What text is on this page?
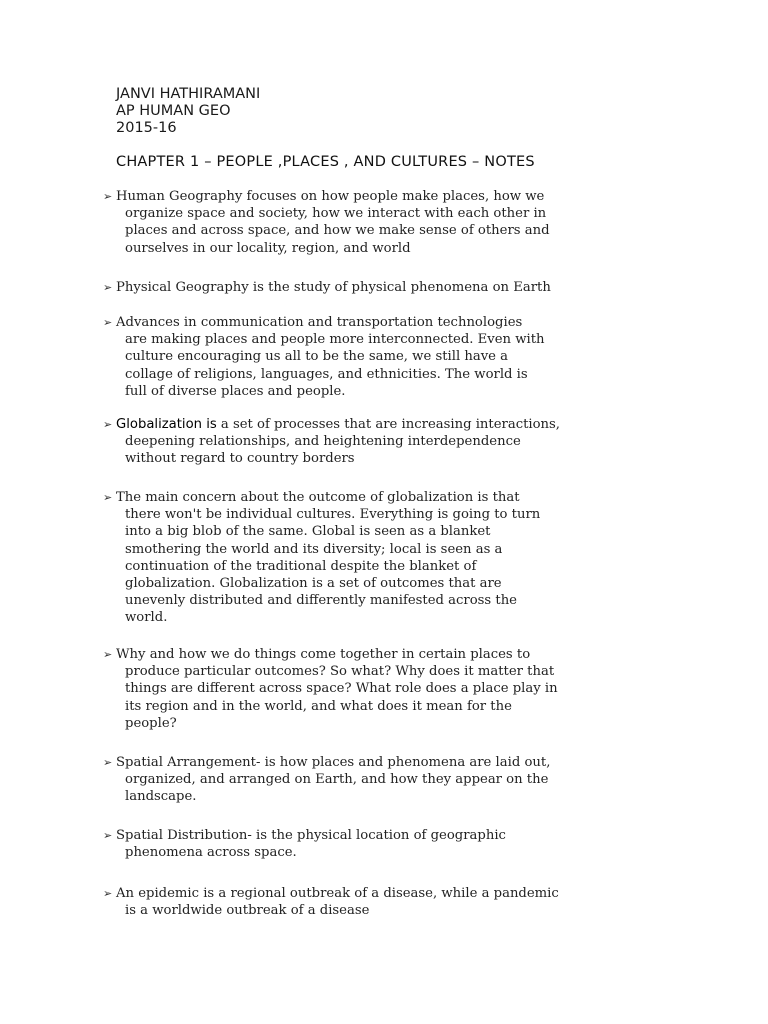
JANVI HATHIRAMANI
AP HUMAN GEO
2015-16
CHAPTER 1 – PEOPLE ,PLACES , AND CULTURES – NOTES
➢ Human Geography focuses on how people make places, how we
organize space and society, how we interact with each other in
places and across space, and how we make sense of others and
ourselves in our locality, region, and world
➢ Physical Geography is the study of physical phenomena on Earth
➢ Advances in communication and transportation technologies
are making places and people more interconnected. Even with
culture encouraging us all to be the same, we still have a
collage of religions, languages, and ethnicities. The world is
full of diverse places and people.
➢ Globalization is a set of processes that are increasing interactions,
deepening relationships, and heightening interdependence
without regard to country borders
➢ The main concern about the outcome of globalization is that
there won't be individual cultures. Everything is going to turn
into a big blob of the same. Global is seen as a blanket
smothering the world and its diversity; local is seen as a
continuation of the traditional despite the blanket of
globalization. Globalization is a set of outcomes that are
unevenly distributed and differently manifested across the
world.
➢ Why and how we do things come together in certain places to
produce particular outcomes? So what? Why does it matter that
things are different across space? What role does a place play in
its region and in the world, and what does it mean for the
people?
➢ Spatial Arrangement- is how places and phenomena are laid out,
organized, and arranged on Earth, and how they appear on the
landscape.
➢ Spatial Distribution- is the physical location of geographic
phenomena across space.
➢ An epidemic is a regional outbreak of a disease, while a pandemic
is a worldwide outbreak of a disease
